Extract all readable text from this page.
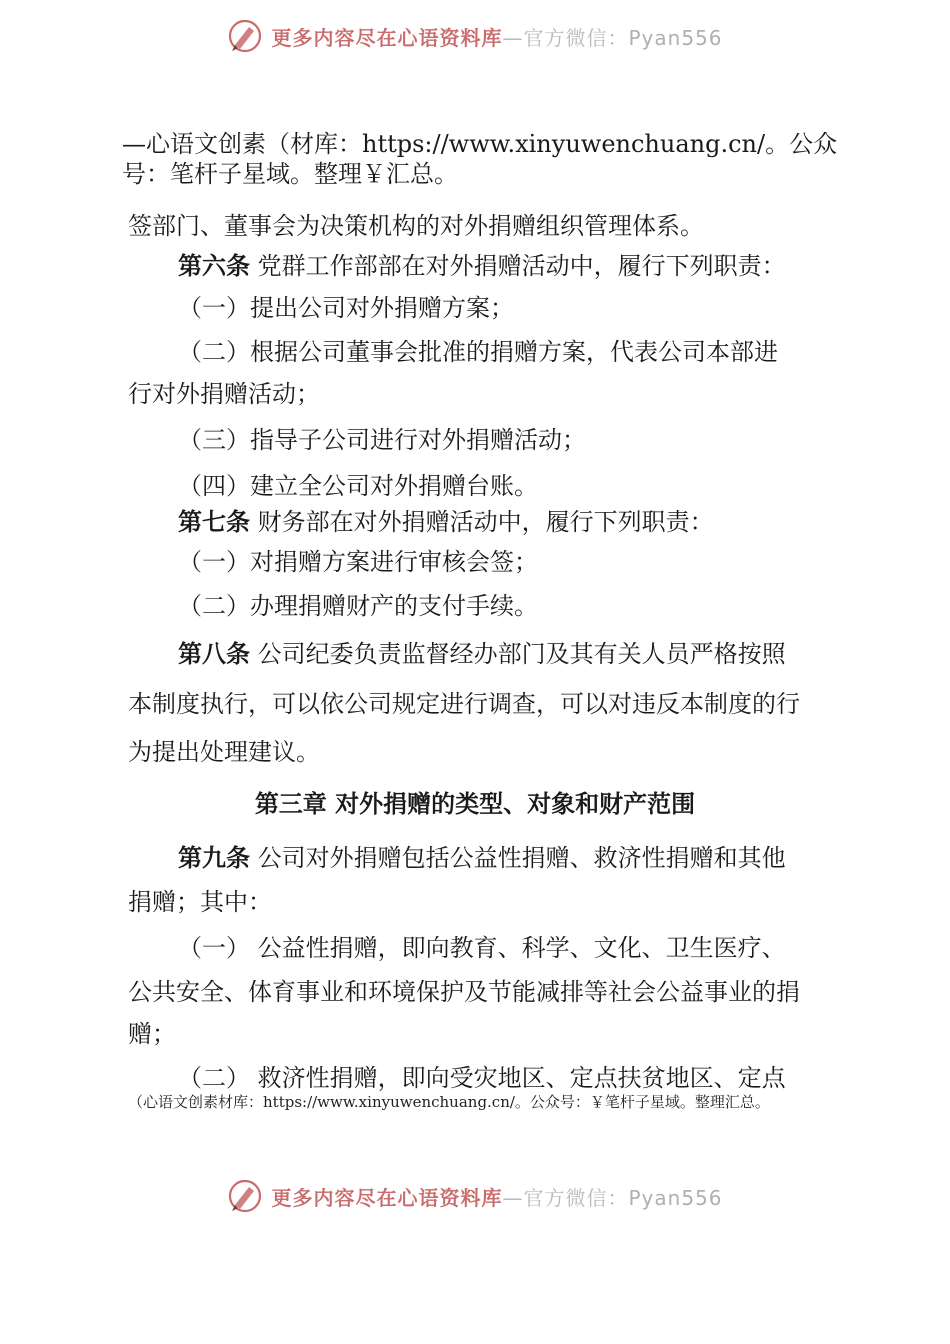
更多内容尽在心语资料库—官方微信：Pyan556

—心语文创素（材库：https://www.xinyuwenchuang.cn/。公众

号：笔杆子星域。整理￥汇总。

签部门、董事会为决策机构的对外捐赠组织管理体系。

第六条 党群工作部部在对外捐赠活动中，履行下列职责：

（一）提出公司对外捐赠方案；

（二）根据公司董事会批准的捐赠方案，代表公司本部进

行对外捐赠活动；

（三）指导子公司进行对外捐赠活动；

（四）建立全公司对外捐赠台账。

第七条 财务部在对外捐赠活动中，履行下列职责：

（一）对捐赠方案进行审核会签；

（二）办理捐赠财产的支付手续。

第八条 公司纪委负责监督经办部门及其有关人员严格按照

本制度执行，可以依公司规定进行调查，可以对违反本制度的行

为提出处理建议。

第三章 对外捐赠的类型、对象和财产范围

第九条 公司对外捐赠包括公益性捐赠、救济性捐赠和其他

捐赠；其中：

（一） 公益性捐赠，即向教育、科学、文化、卫生医疗、

公共安全、体育事业和环境保护及节能减排等社会公益事业的捐

赠；

（二） 救济性捐赠，即向受灾地区、定点扶贫地区、定点

（心语文创素材库：https://www.xinyuwenchuang.cn/。公众号：￥笔杆子星域。整理汇总。
更多内容尽在心语资料库—官方微信：Pyan556
